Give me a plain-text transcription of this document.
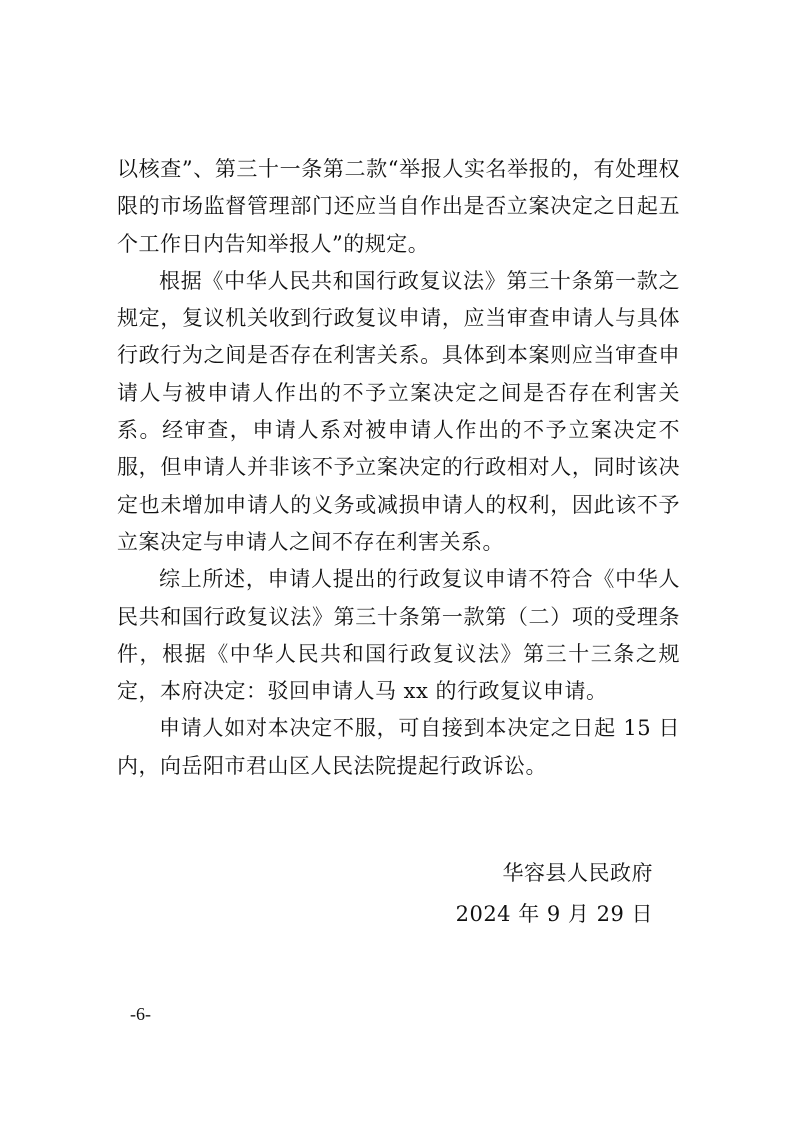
以核查”、第三十一条第二款“举报人实名举报的，有处理权限的市场监督管理部门还应当自作出是否立案决定之日起五个工作日内告知举报人”的规定。

根据《中华人民共和国行政复议法》第三十条第一款之规定，复议机关收到行政复议申请，应当审查申请人与具体行政行为之间是否存在利害关系。具体到本案则应当审查申请人与被申请人作出的不予立案决定之间是否存在利害关系。经审查，申请人系对被申请人作出的不予立案决定不服，但申请人并非该不予立案决定的行政相对人，同时该决定也未增加申请人的义务或减损申请人的权利，因此该不予立案决定与申请人之间不存在利害关系。

综上所述，申请人提出的行政复议申请不符合《中华人民共和国行政复议法》第三十条第一款第（二）项的受理条件，根据《中华人民共和国行政复议法》第三十三条之规定，本府决定：驳回申请人马 xx 的行政复议申请。

申请人如对本决定不服，可自接到本决定之日起 15 日内，向岳阳市君山区人民法院提起行政诉讼。

华容县人民政府
2024 年 9 月 29 日
-6-
